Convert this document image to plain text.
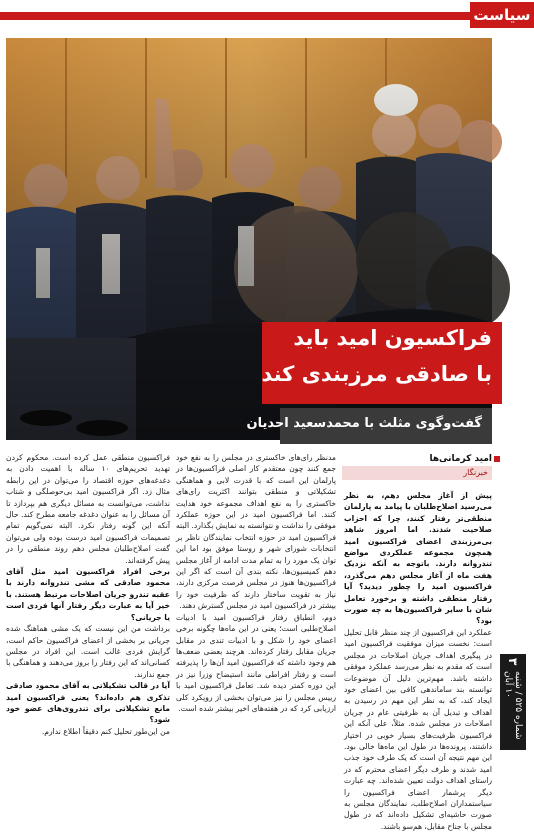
سیاست
فراکسیون امید باید
با صادقی مرزبندی کند
گفت‌وگوی مثلث با محمدسعید احدیان
امید کرمانی‌ها
خبرنگار

پیش از آغاز مجلس دهم، به نظر می‌رسید اصلاح‌طلبان با پیامد به پارلمان منطقی‌تر رفتار کنند، چرا که احزاب صلاحیت شدند. اما امروز شاهد بی‌مرزبندی اعضای فراکسیون امید همچون مجموعه عملکردی مواضع تندروانه دارند. باتوجه به آنکه نزدیک هفت ماه از آغاز مجلس دهم می‌گذرد، فراکسیون امید را چطور دیدید؟ آیا رفتار منطقی داشته و برخورد تعامل شان با سایر فراکسیون‌ها به چه صورت بود؟

عملکرد این فراکسیون از چند منظر قابل تحلیل است: نخست میزان موفقیت فراکسیون امید در پیگیری اهداف جریان اصلاحات در مجلس است که مقدم به نظر می‌رسد عملکرد موفقی داشته باشد. مهم‌ترین دلیل آن موضوعات توانسته بند ساماندهی کافی بین اعضای خود ایجاد کند، که به نظر این مهم در رسیدن به اهداف و تبدیل آن به ظرفیتی عام در جریان اصلاحات در مجلس شده. مثلاً، علی آنکه این فراکسیون ظرفیت‌های بسیار خوبی در اختیار داشتند، پرونده‌ها در طول این ماه‌ها خالی بود. این مهم نتیجه آن است که یک طرف خود جذب امید شدند و طرف دیگر اعضای محترم که در راستای اهداف دولت تعیین شده‌اند. چه عبارت دیگر پرشمار اعضای فراکسیون را سیاستمداران اصلاح‌طلب، نمایندگان مجلس به صورت حاشیه‌ای تشکیل داده‌اند که در طول مجلس با جناح مقابل، هم‌سو باشند.

مدنظر رای‌های خاکستری در مجلس را به نفع خود جمع کنند چون معتقدم کار اصلی فراکسیون‌ها در پارلمان این است که با قدرت لابی و هماهنگی تشکیلاتی و منطقی بتوانند اکثریت رای‌های خاکستری را به نفع اهداف مجموعه خود هدایت کنند. اما فراکسیون امید در این حوزه عملکرد موفقی را نداشت و نتوانسته به نمایش بگذارد. البته فراکسیون امید در حوزه انتخاب نمایندگان ناظر بر انتخابات شورای شهر و روستا موفق بود اما این توان یک مورد را به تمام مدت ادامه از آغاز مجلس دهم کمیسیون‌ها، نکته بندی آن است که اگر این فراکسیون‌ها هنوز در مجلس فرصت مرکزی دارند، نیاز به تقویت ساختار دارند که ظرفیت خود را بیشتر در فراکسیون امید در مجلس گسترش دهند.

دوم، انطباق رفتار فراکسیون امید با ادبیات اصلاح‌طلبی است؛ یعنی در این ماه‌ها چگونه برخی اعضای خود را شکل و با ادبیات تندی در مقابل جریان مقابل رفتار کرده‌اند. هرچند بعضی ضعف‌ها هم وجود داشته که فراکسیون امید آن‌ها را پذیرفته است و رفتار افراطی مانند استیضاح وزرا نیز در این دوره کمتر دیده شد. تعامل فراکسیون امید با رییس مجلس را نیز می‌توان بخشی از رویکرد کلی ارزیابی کرد که در هفته‌های اخیر بیشتر شده است.

فراکسیون منطقی عمل کرده است. محکوم کردن تهدید تحریم‌های ۱۰ ساله با اهمیت دادن به دغدغه‌های حوزه اقتصاد را می‌توان در این رابطه مثال زد. اگر فراکسیون امید بی‌حوصلگی و شتاب نداشت، می‌توانست به مسائل دیگری هم بپردازد تا آن مسائل را به عنوان دغدغه جامعه مطرح کند. حال آنکه این گونه رفتار نکرد. البته نمی‌گویم تمام تصمیمات فراکسیون امید درست بوده ولی می‌توان گفت اصلاح‌طلبان مجلس دهم روند منطقی را در پیش گرفته‌اند.

برخی افراد فراکسیون امید مثل آقای محمود صادقی که مشی تندروانه دارند با عقبه تندرو جریان اصلاحات مرتبط هستند. با خیر آیا به عبارت دیگر رفتار آنها فردی است یا جریانی؟

برداشت من این نیست که یک مشی هماهنگ شده جریانی بر بخشی از اعضای فراکسیون حاکم است، گرایش فردی غالب است. این افراد در مجلس کسانی‌اند که این رفتار را بروز می‌دهند و هماهنگی با جمع ندارند.

آیا در قالب تشکیلاتی به آقای محمود صادقی تذکری هم داده‌اند؟ یعنی فراکسیون امید مانع تشکیلاتی برای تندروی‌های عضو خود شود؟

من این‌طور تحلیل کنم دقیقاً اطلاع ندارم.

۳
شماره ۵۲۵ / شنبه ۱۰ آبان
